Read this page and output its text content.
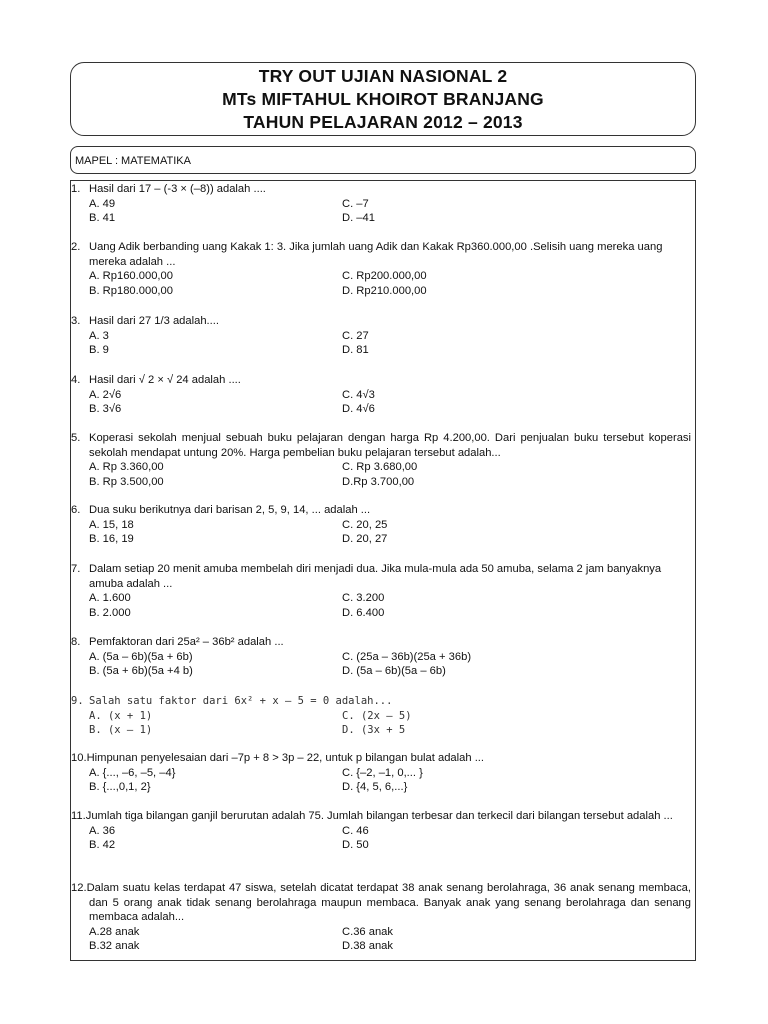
TRY OUT UJIAN NASIONAL 2
MTs MIFTAHUL KHOIROT BRANJANG
TAHUN PELAJARAN 2012 – 2013
MAPEL : MATEMATIKA
1. Hasil dari 17 – (-3 × (–8)) adalah ....
A. 49	C. –7
B. 41	D. –41
2. Uang Adik berbanding uang Kakak 1: 3. Jika jumlah uang Adik dan Kakak Rp360.000,00 .Selisih uang mereka uang mereka adalah ...
A. Rp160.000,00	C. Rp200.000,00
B. Rp180.000,00	D. Rp210.000,00
3. Hasil dari 27 1/3 adalah....
A. 3	C. 27
B. 9	D. 81
4. Hasil dari √ 2 × √ 24 adalah ....
A. 2√6	C. 4√3
B. 3√6	D. 4√6
5. Koperasi sekolah menjual sebuah buku pelajaran dengan harga Rp 4.200,00. Dari penjualan buku tersebut koperasi sekolah mendapat untung 20%. Harga pembelian buku pelajaran tersebut adalah...
A. Rp 3.360,00	C. Rp 3.680,00
B. Rp 3.500,00	D.Rp 3.700,00
6. Dua suku berikutnya dari barisan 2, 5, 9, 14, ... adalah ...
A. 15, 18	C. 20, 25
B. 16, 19	D. 20, 27
7. Dalam setiap 20 menit amuba membelah diri menjadi dua. Jika mula-mula ada 50 amuba, selama 2 jam banyaknya amuba adalah ...
A. 1.600	C. 3.200
B. 2.000	D. 6.400
8. Pemfaktoran dari 25a² – 36b² adalah ...
A. (5a – 6b)(5a + 6b)	C. (25a – 36b)(25a + 36b)
B. (5a + 6b)(5a +4 b)	D. (5a – 6b)(5a – 6b)
9. Salah satu faktor dari 6x² + x – 5 = 0 adalah...
A. (x + 1)	C. (2x – 5)
B. (x – 1)	D. (3x + 5
10.Himpunan penyelesaian dari –7p + 8 > 3p – 22, untuk p bilangan bulat adalah ...
A. {..., –6, –5, –4}	C. {–2, –1, 0,... }
B. {...,0,1, 2}	D. {4, 5, 6,...}
11.Jumlah tiga bilangan ganjil berurutan adalah 75. Jumlah bilangan terbesar dan terkecil dari bilangan tersebut adalah ...
A. 36	C. 46
B. 42	D. 50
12.Dalam suatu kelas terdapat 47 siswa, setelah dicatat terdapat 38 anak senang berolahraga, 36 anak senang membaca, dan 5 orang anak tidak senang berolahraga maupun membaca. Banyak anak yang senang berolahraga dan senang membaca adalah...
A.28 anak	C.36 anak
B.32 anak	D.38 anak
